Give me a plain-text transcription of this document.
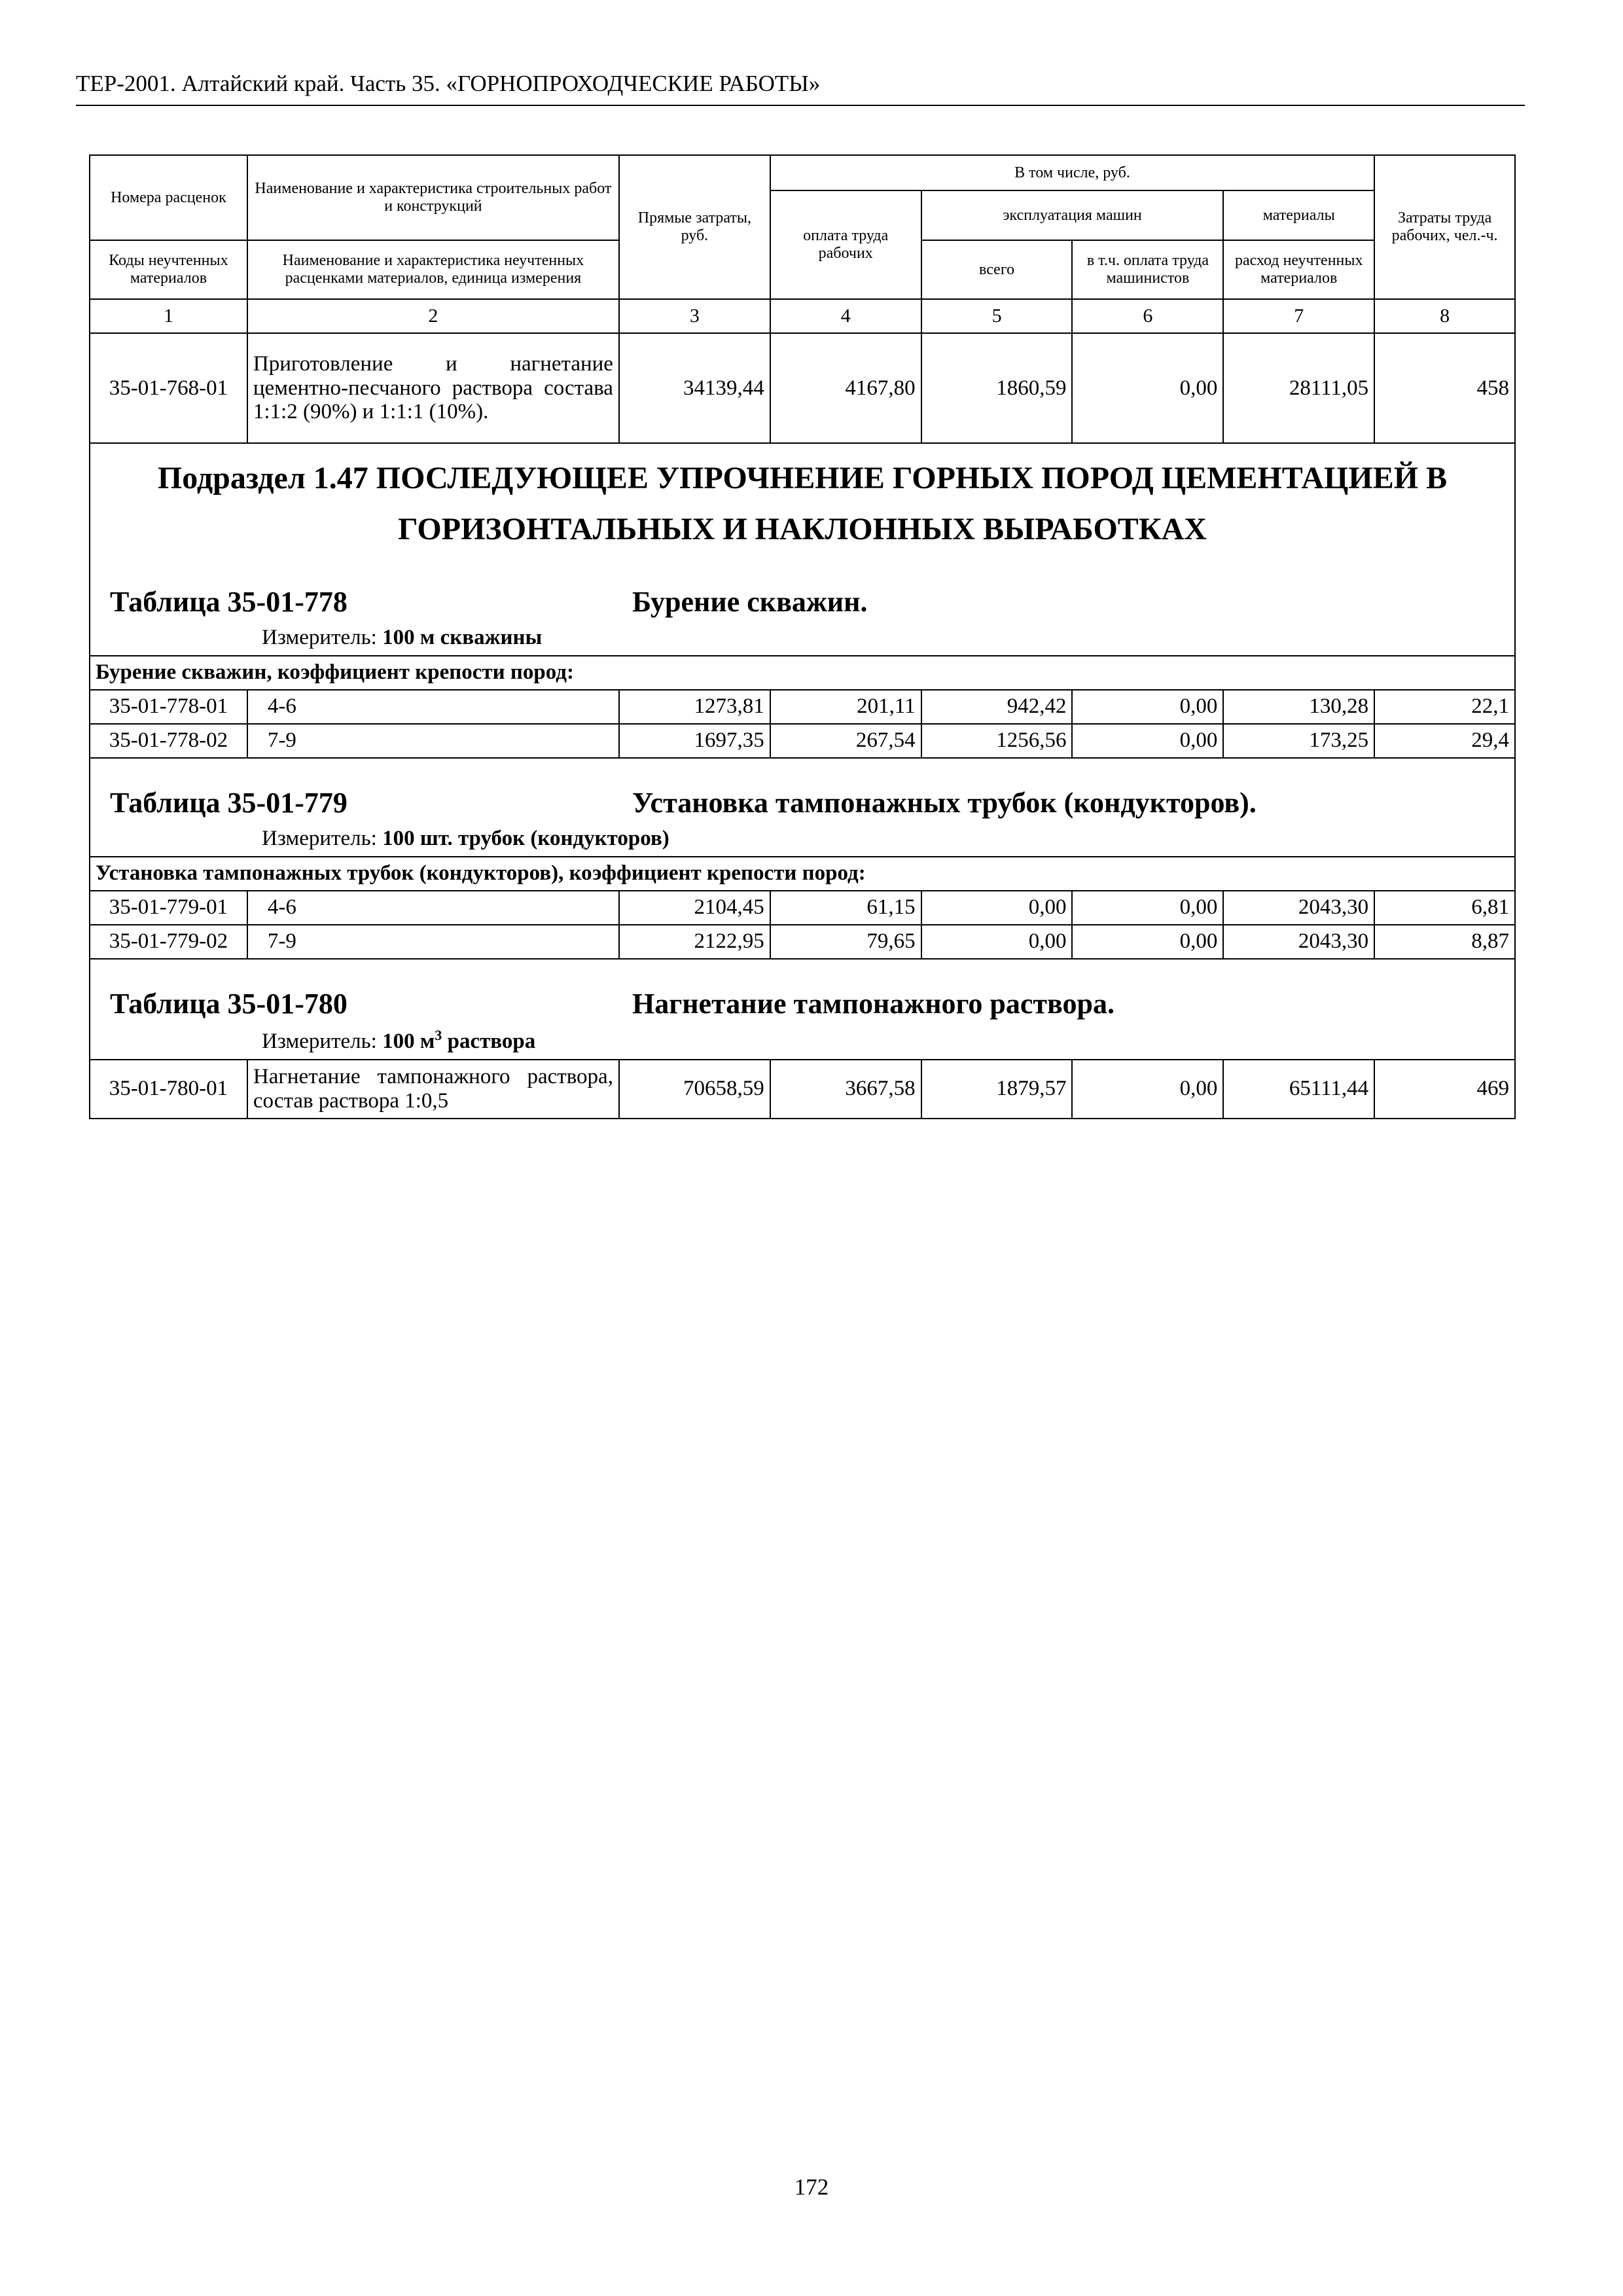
ТЕР-2001. Алтайский край. Часть 35. «ГОРНОПРОХОДЧЕСКИЕ РАБОТЫ»
Номера расценок	Наименование и характеристика строительных работ и конструкций	Прямые затраты, руб.	В том числе, руб.				Затраты труда рабочих, чел.-ч.
			оплата труда рабочих	эксплуатация машин		материалы	
Коды неучтенных материалов	Наименование и характеристика неучтенных расценками материалов, единица измерения			всего	в т.ч. оплата труда машинистов	расход неучтенных материалов	

1	2	3	4	5	6	7	8
35-01-768-01	Приготовление и нагнетание цементно-песчаного раствора состава 1:1:2 (90%) и 1:1:1 (10%).	34139,44	4167,80	1860,59	0,00	28111,05	458

Подраздел 1.47 ПОСЛЕДУЮЩЕЕ УПРОЧНЕНИЕ ГОРНЫХ ПОРОД ЦЕМЕНТАЦИЕЙ В
ГОРИЗОНТАЛЬНЫХ И НАКЛОННЫХ ВЫРАБОТКАХ
Таблица 35-01-778 Бурение скважин.
Измеритель: 100 м скважины							

Бурение скважин, коэффициент крепости пород:							
35-01-778-01	4-6	1273,81	201,11	942,42	0,00	130,28	22,1
35-01-778-02	7-9	1697,35	267,54	1256,56	0,00	173,25	29,4

Таблица 35-01-779 Установка тампонажных трубок (кондукторов).
Измеритель: 100 шт. трубок (кондукторов)							

Установка тампонажных трубок (кондукторов), коэффициент крепости пород:							
35-01-779-01	4-6	2104,45	61,15	0,00	0,00	2043,30	6,81
35-01-779-02	7-9	2122,95	79,65	0,00	0,00	2043,30	8,87

Таблица 35-01-780 Нагнетание тампонажного раствора.
Измеритель: 100 $м^3$ раствора							

35-01-780-01	Нагнетание тампонажного раствора, состав раствора 1:0,5	70658,59	3667,58	1879,57	0,00	65111,44	469
172
